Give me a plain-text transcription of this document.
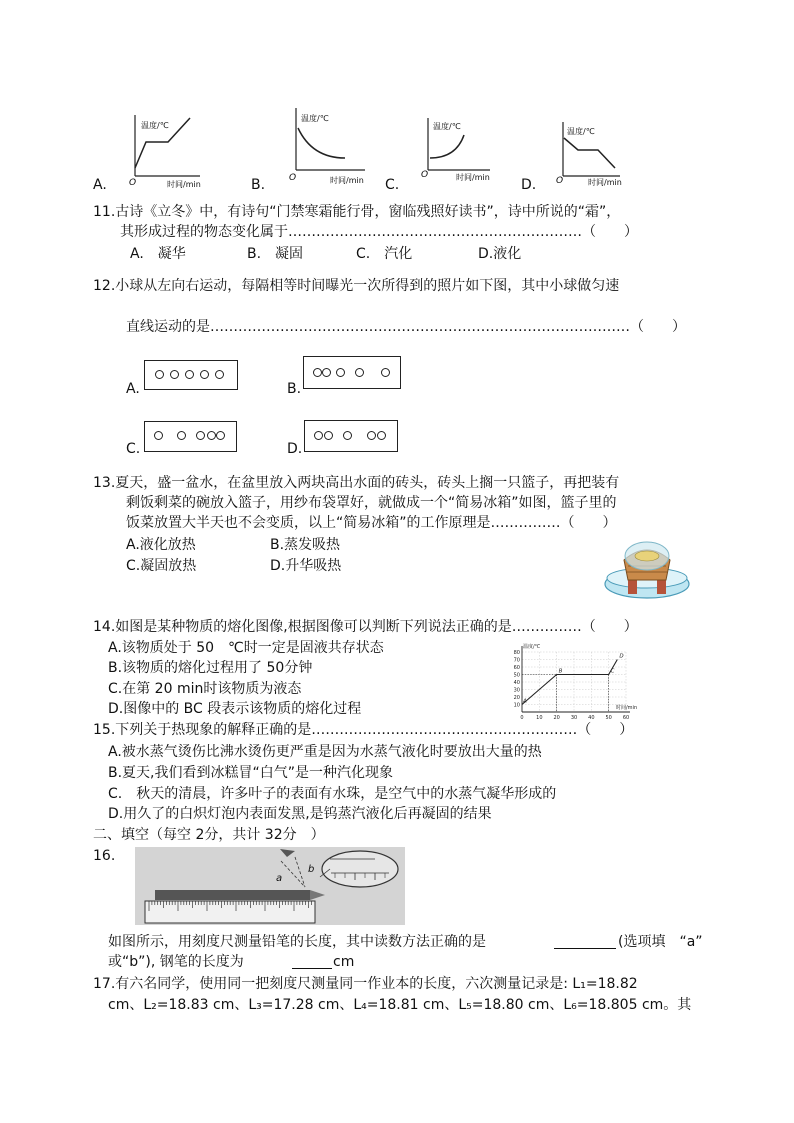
A.	B.	C.	D.
温度/℃
时间/min
O
温度/℃
时间/min
O
温度/℃
时间/min
O
温度/℃
时间/min
O
11.古诗《立冬》中，有诗句“门禁寒霜能行骨，窗临残照好读书”，诗中所说的“霜”，
其形成过程的物态变化属于………………………………………………………（　　）
A.　凝华	B.　凝固	C.　汽化	D.液化
12.小球从左向右运动，每隔相等时间曝光一次所得到的照片如下图，其中小球做匀速
直线运动的是………………………………………………………………………………（　　）
A.	B.
C.	D.
13.夏天，盛一盆水，在盆里放入两块高出水面的砖头，砖头上搁一只篮子，再把装有
剩饭剩菜的碗放入篮子，用纱布袋罩好，就做成一个“简易冰箱”如图，篮子里的
饭菜放置大半天也不会变质，以上“简易冰箱”的工作原理是……………（　　）
A.液化放热	B.蒸发吸热
C.凝固放热	D.升华吸热
14.如图是某种物质的熔化图像,根据图像可以判断下列说法正确的是……………（　　）
A.该物质处于 50　℃时一定是固液共存状态
B.该物质的熔化过程用了 50分钟
C.在第 20 min时该物质为液态
D.图像中的 BC 段表示该物质的熔化过程
0	10 20 30 40 50 60
10
20
30
40
50
60
70
80
温度/℃
时间/min
A
B	C
D
15.下列关于热现象的解释正确的是…………………………………………………（　　）
A.被水蒸气烫伤比沸水烫伤更严重是因为水蒸气液化时要放出大量的热
B.夏天,我们看到冰糕冒“白气”是一种汽化现象
C.　秋天的清晨，许多叶子的表面有水珠，是空气中的水蒸气凝华形成的
D.用久了的白炽灯泡内表面发黑,是钨蒸汽液化后再凝固的结果
二、填空（每空 2分，共计 32分　）
16.
a
b
如图所示，用刻度尺测量铅笔的长度，其中读数方法正确的是	(选项填　“a”
或“b”), 钢笔的长度为	cm
17.有六名同学，使用同一把刻度尺测量同一作业本的长度，六次测量记录是: L₁=18.82
cm、L₂=18.83 cm、L₃=17.28 cm、L₄=18.81 cm、L₅=18.80 cm、L₆=18.805 cm。其
